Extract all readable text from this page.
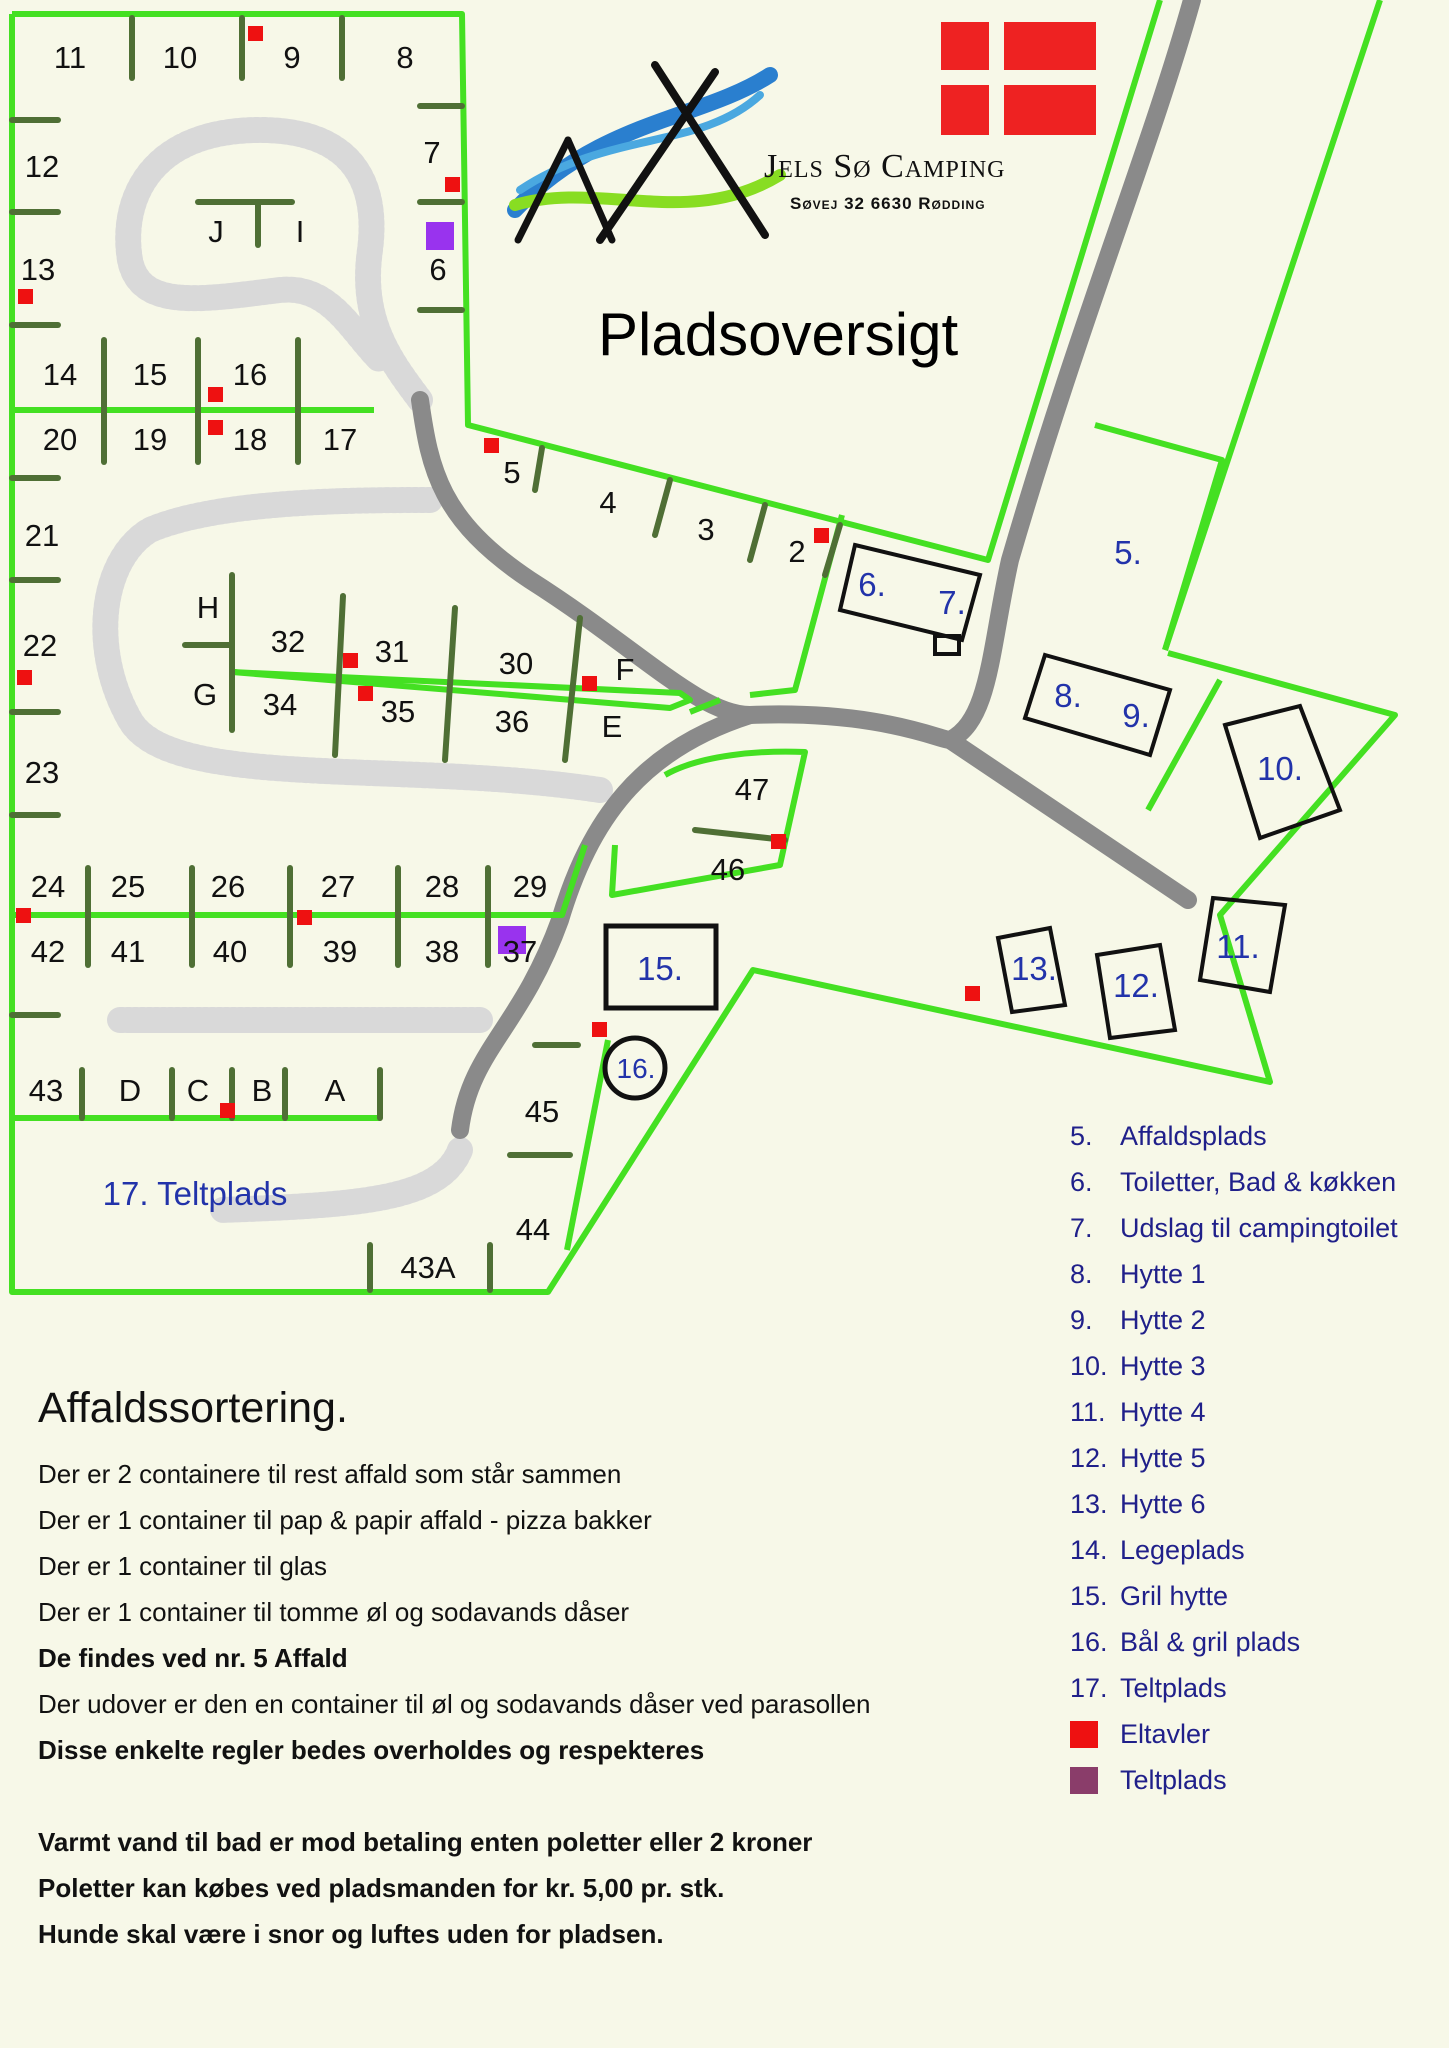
11 10	9	8
12	7
J I
13	6
14 15 16
20 19 18 17
21
5
4
3
2
H
32 31	30	F
22
G 34	35	36 E
23	47
46
24 25 26 27 28 29
42 41 40 39 38 37
43 D C B A
45
44
43A
5.
6. 7.
8.
9.
10.
11.
12.
13.
15.
16.
17. Teltplads
Pladsoversigt
Jels Sø Camping
Søvej 32 6630 Rødding
5.	Affaldsplads
6.	Toiletter, Bad & køkken
7.	Udslag til campingtoilet
8.	Hytte 1
9.	Hytte 2
10. Hytte 3
11. Hytte 4
12. Hytte 5
13. Hytte 6
14. Legeplads
15. Gril hytte
16. Bål & gril plads
17. Teltplads
Eltavler
Teltplads
Affaldssortering.

Der er 2 containere til rest affald som står sammen

Der er 1 container til pap & papir affald - pizza bakker

Der er 1 container til glas

Der er 1 container til tomme øl og sodavands dåser

De findes ved nr. 5 Affald

Der udover er den en container til øl og sodavands dåser ved parasollen

Disse enkelte regler bedes overholdes og respekteres

Varmt vand til bad er mod betaling enten poletter eller 2 kroner

Poletter kan købes ved pladsmanden for kr. 5,00 pr. stk.

Hunde skal være i snor og luftes uden for pladsen.
